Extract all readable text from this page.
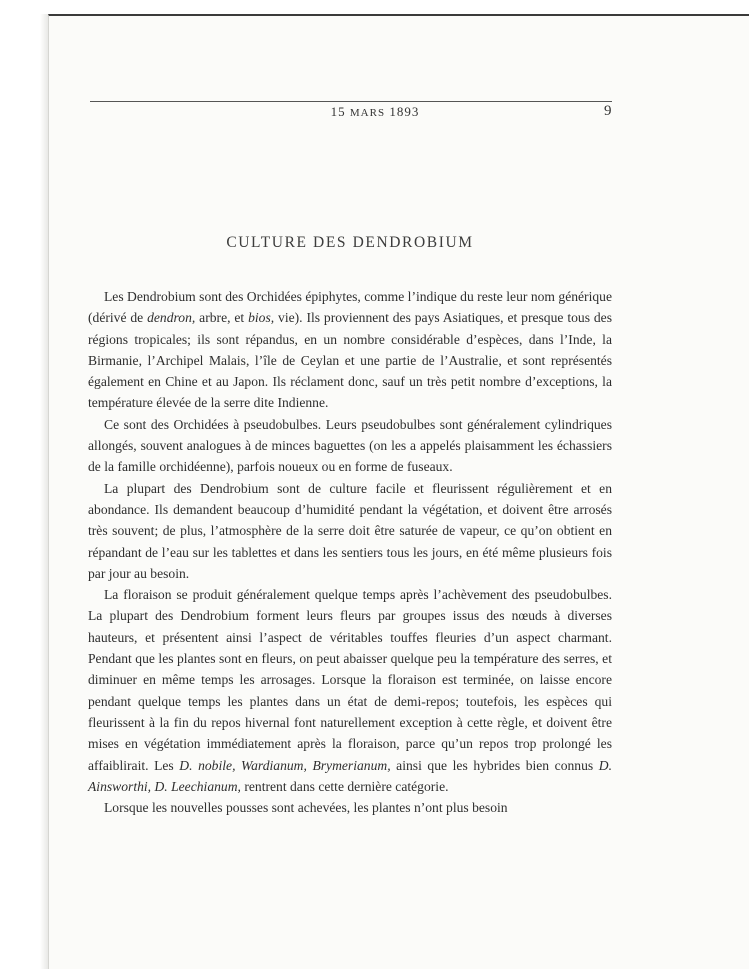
15 MARS 1893	9
CULTURE DES DENDROBIUM

Les Dendrobium sont des Orchidées épiphytes, comme l’indique du reste leur nom générique (dérivé de dendron, arbre, et bios, vie). Ils proviennent des pays Asiatiques, et presque tous des régions tropicales; ils sont répandus, en un nombre considérable d’espèces, dans l’Inde, la Birmanie, l’Archipel Malais, l’île de Ceylan et une partie de l’Australie, et sont représentés également en Chine et au Japon. Ils réclament donc, sauf un très petit nombre d’exceptions, la température élevée de la serre dite Indienne.

Ce sont des Orchidées à pseudobulbes. Leurs pseudobulbes sont généralement cylindriques allongés, souvent analogues à de minces baguettes (on les a appelés plaisamment les échassiers de la famille orchidéenne), parfois noueux ou en forme de fuseaux.

La plupart des Dendrobium sont de culture facile et fleurissent régulièrement et en abondance. Ils demandent beaucoup d’humidité pendant la végétation, et doivent être arrosés très souvent; de plus, l’atmosphère de la serre doit être saturée de vapeur, ce qu’on obtient en répandant de l’eau sur les tablettes et dans les sentiers tous les jours, en été même plusieurs fois par jour au besoin.

La floraison se produit généralement quelque temps après l’achèvement des pseudobulbes. La plupart des Dendrobium forment leurs fleurs par groupes issus des nœuds à diverses hauteurs, et présentent ainsi l’aspect de véritables touffes fleuries d’un aspect charmant. Pendant que les plantes sont en fleurs, on peut abaisser quelque peu la température des serres, et diminuer en même temps les arrosages. Lorsque la floraison est terminée, on laisse encore pendant quelque temps les plantes dans un état de demi-repos; toutefois, les espèces qui fleurissent à la fin du repos hivernal font naturellement exception à cette règle, et doivent être mises en végétation immédiatement après la floraison, parce qu’un repos trop prolongé les affaiblirait. Les D. nobile, Wardianum, Brymerianum, ainsi que les hybrides bien connus D. Ainsworthi, D. Leechianum, rentrent dans cette dernière catégorie.

Lorsque les nouvelles pousses sont achevées, les plantes n’ont plus besoin
